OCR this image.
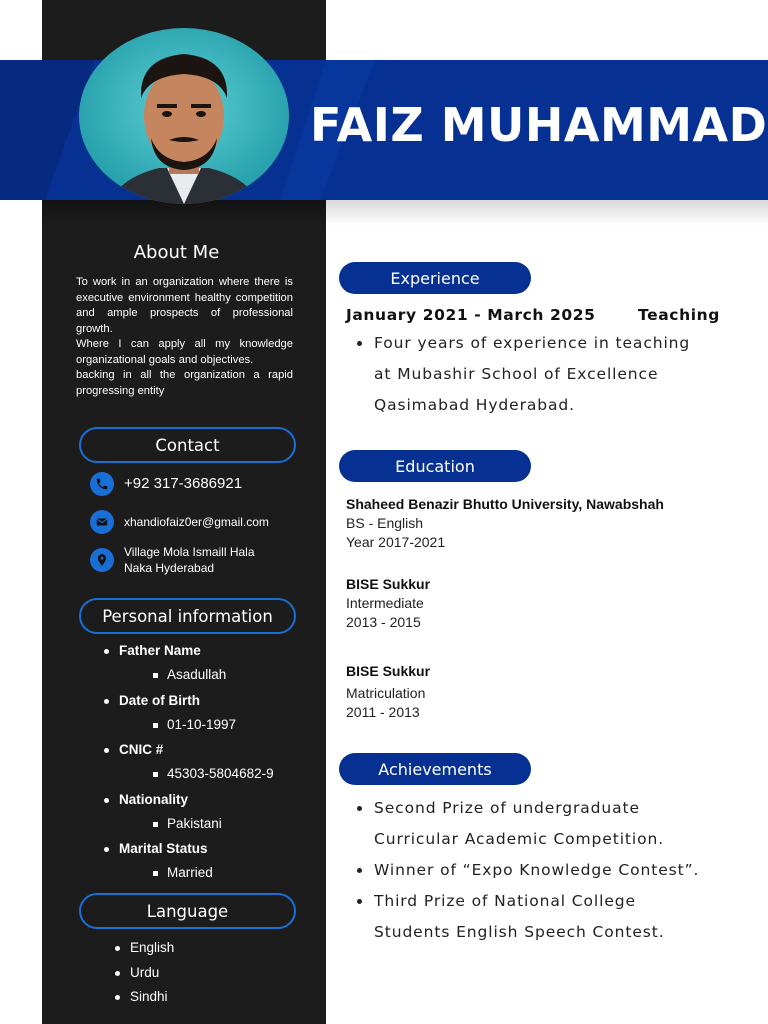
FAIZ MUHAMMAD
About Me

To work in an organization where there is executive environment healthy competition and ample prospects of professional growth.

Where I can apply all my knowledge organizational goals and objectives.

backing in all the organization a rapid progressing entity

Contact
+92 317-3686921
xhandiofaiz0er@gmail.com
Village Mola Ismaill Hala
Naka Hyderabad
Personal information
Father Name
Asadullah
Date of Birth
01-10-1997
CNIC #
45303-5804682-9
Nationality
Pakistani
Marital Status
Married
Language
English
Urdu
Sindhi
Experience
January 2021 - March 2025	Teaching
Four years of experience in teaching
at Mubashir School of Excellence
Qasimabad Hyderabad.
Education
Shaheed Benazir Bhutto University, Nawabshah
BS - English
Year 2017-2021
BISE Sukkur
Intermediate
2013 - 2015
BISE Sukkur
Matriculation
2011 - 2013
Achievements
Second Prize of undergraduate
Curricular Academic Competition.
Winner of “Expo Knowledge Contest”.
Third Prize of National College
Students English Speech Contest.
